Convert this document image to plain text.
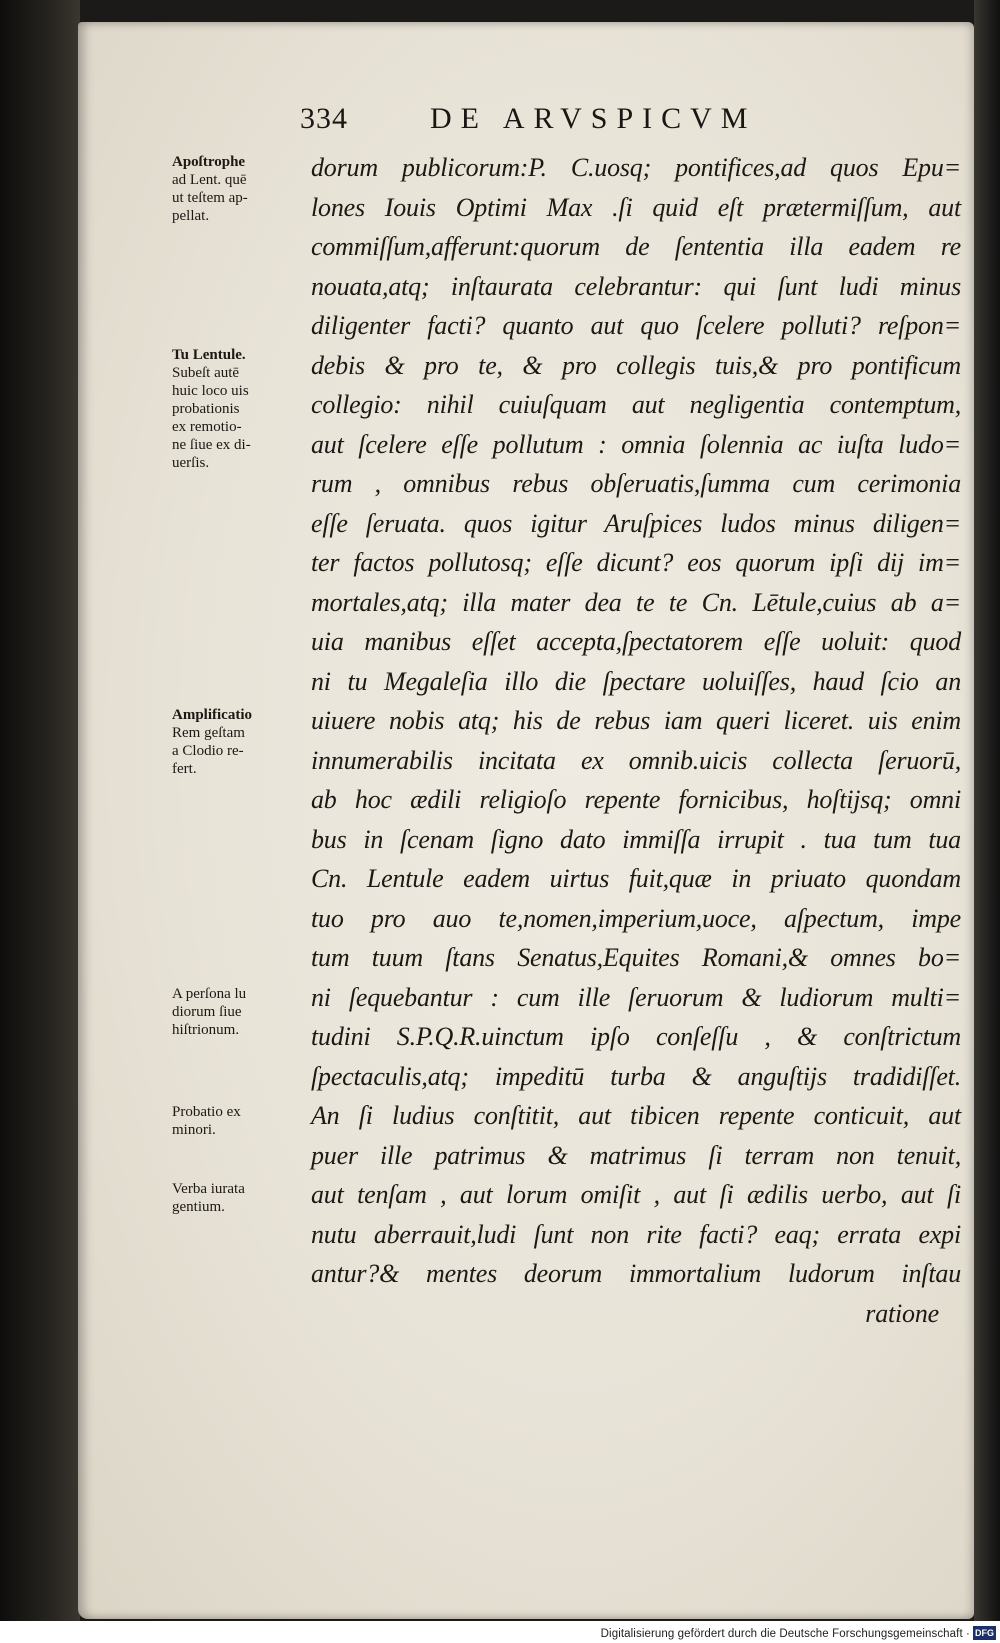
334	DE ARVSPICVM
dorum publicorum:P. C.uosq; pontifices,ad quos Epu=
lones Iouis Optimi Max .ſi quid eſt prætermiſſum, aut
commiſſum,afferunt:quorum de ſententia illa eadem re
nouata,atq; inſtaurata celebrantur: qui ſunt ludi minus
diligenter facti? quanto aut quo ſcelere polluti? reſpon=
debis & pro te, & pro collegis tuis,& pro pontificum
collegio: nihil cuiuſquam aut negligentia contemptum,
aut ſcelere eſſe pollutum : omnia ſolennia ac iuſta ludo=
rum , omnibus rebus obſeruatis,ſumma cum cerimonia
eſſe ſeruata. quos igitur Aruſpices ludos minus diligen=
ter factos pollutosq; eſſe dicunt? eos quorum ipſi dij im=
mortales,atq; illa mater dea te te Cn. Lētule,cuius ab a=
uia manibus eſſet accepta,ſpectatorem eſſe uoluit: quod
ni tu Megaleſia illo die ſpectare uoluiſſes, haud ſcio an
uiuere nobis atq; his de rebus iam queri liceret. uis enim
innumerabilis incitata ex omnib.uicis collecta ſeruorū,
ab hoc ædili religioſo repente fornicibus, hoſtijsq; omni
bus in ſcenam ſigno dato immiſſa irrupit . tua tum tua
Cn. Lentule eadem uirtus fuit,quæ in priuato quondam
tuo pro auo te,nomen,imperium,uoce, aſpectum, impe
tum tuum ſtans Senatus,Equites Romani,& omnes bo=
ni ſequebantur : cum ille ſeruorum & ludiorum multi=
tudini S.P.Q.R.uinctum ipſo conſeſſu , & conſtrictum
ſpectaculis,atq; impeditū turba & anguſtijs tradidiſſet.
An ſi ludius conſtitit, aut tibicen repente conticuit, aut
puer ille patrimus & matrimus ſi terram non tenuit,
aut tenſam , aut lorum omiſit , aut ſi ædilis uerbo, aut ſi
nutu aberrauit,ludi ſunt non rite facti? eaq; errata expi
antur?& mentes deorum immortalium ludorum inſtau
ratione
Apoſtrophe
ad Lent. quē
ut teſtem ap-
pellat.
Tu Lentule.
Subeſt autē
huic loco uis
probationis
ex remotio-
ne ſiue ex di-
uerſis.
Amplificatio
Rem geſtam
a Clodio re-
fert.
A perſona lu
diorum ſiue
hiſtrionum.
Probatio ex
minori.
Verba iurata
gentium.
Digitalisierung gefördert durch die Deutsche Forschungsgemeinschaft · DFG
